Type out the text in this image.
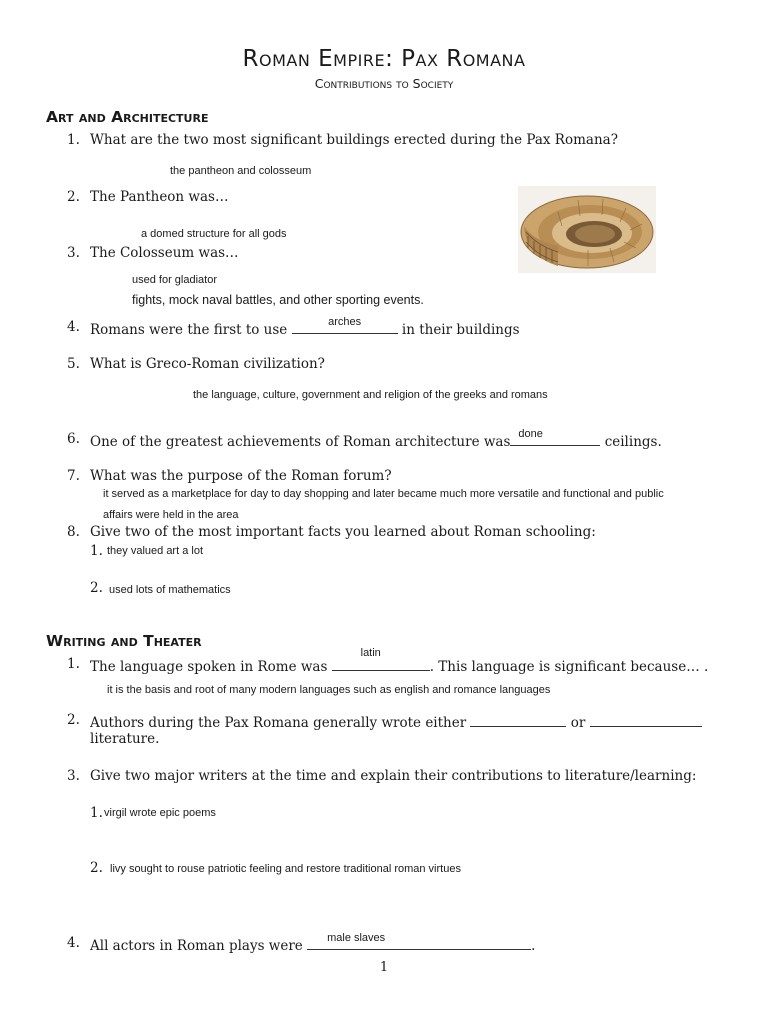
Roman Empire: Pax Romana
Contributions to Society
Art and Architecture
1. What are the two most significant buildings erected during the Pax Romana?
the pantheon and colosseum
2. The Pantheon was…
a domed structure for all gods
3. The Colosseum was…
used for gladiator
fights, mock naval battles, and other sporting events.
4. Romans were the first to use	arches	in their buildings
5. What is Greco-Roman civilization?
the language, culture, government and religion of the greeks and romans
6. One of the greatest achievements of Roman architecture was done	ceilings.
7. What was the purpose of the Roman forum?
it served as a marketplace for day to day shopping and later became much more versatile and functional and public
affairs were held in the area
8. Give two of the most important facts you learned about Roman schooling:
1. they valued art a lot
2. used lots of mathematics
Writing and Theater
1. The language spoken in Rome was
latin
. This language is significant because… .
it is the basis and root of many modern languages such as english and romance languages
2. Authors during the Pax Romana generally wrote either	or
literature.
3. Give two major writers at the time and explain their contributions to literature/learning:
1. virgil wrote epic poems
2. livy sought to rouse patriotic feeling and restore traditional roman virtues
4. All actors in Roman plays were male slaves	.
1
